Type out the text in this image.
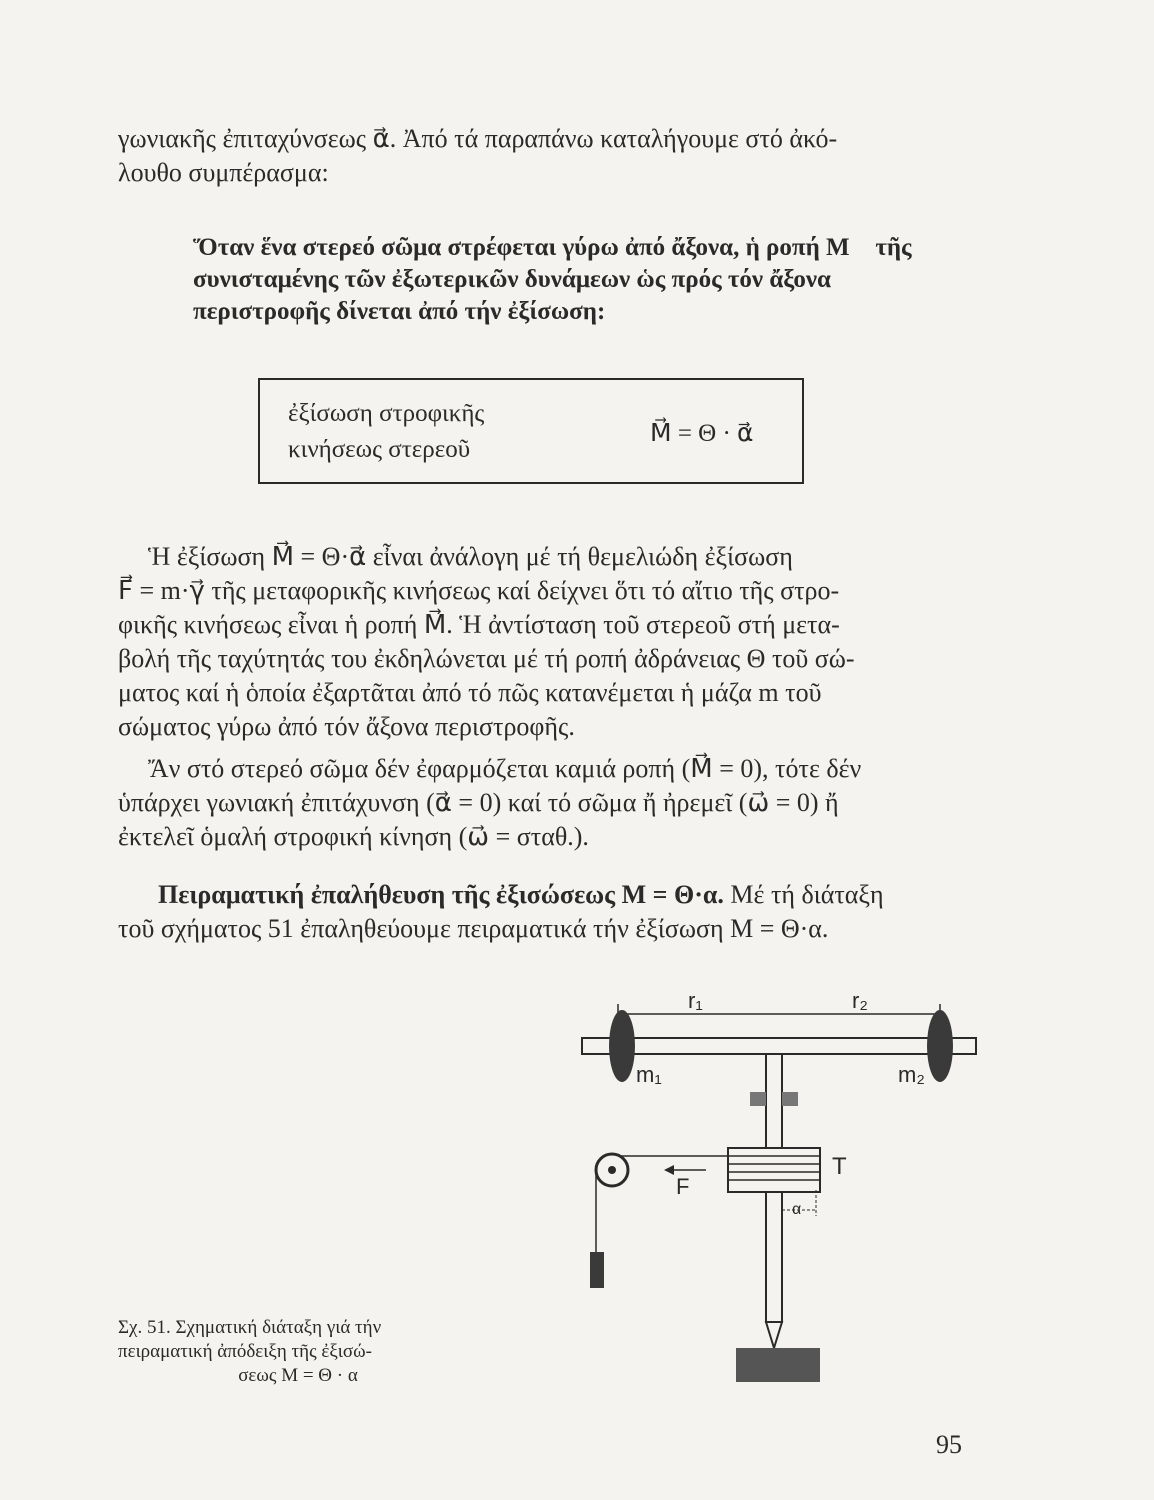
γωνιακῆς ἐπιταχύνσεως α⃗. Ἀπό τά παραπάνω καταλήγουμε στό ἀκό-
λουθο συμπέρασμα:
Ὅταν ἕνα στερεό σῶμα στρέφεται γύρω ἀπό ἄξονα, ἡ ροπή M⃗ τῆς
συνισταμένης τῶν ἐξωτερικῶν δυνάμεων ὡς πρός τόν ἄξονα
περιστροφῆς δίνεται ἀπό τήν ἐξίσωση:
ἐξίσωση στροφικῆς
κινήσεως στερεοῦ
M⃗ = Θ · α⃗
Ἡ ἐξίσωση M⃗ = Θ·α⃗ εἶναι ἀνάλογη μέ τή θεμελιώδη ἐξίσωση
F⃗ = m·γ⃗ τῆς μεταφορικῆς κινήσεως καί δείχνει ὅτι τό αἴτιο τῆς στρο-
φικῆς κινήσεως εἶναι ἡ ροπή M⃗. Ἡ ἀντίσταση τοῦ στερεοῦ στή μετα-
βολή τῆς ταχύτητάς του ἐκδηλώνεται μέ τή ροπή ἀδράνειας Θ τοῦ σώ-
ματος καί ἡ ὁποία ἐξαρτᾶται ἀπό τό πῶς κατανέμεται ἡ μάζα m τοῦ
σώματος γύρω ἀπό τόν ἄξονα περιστροφῆς.
Ἄν στό στερεό σῶμα δέν ἐφαρμόζεται καμιά ροπή (M⃗ = 0), τότε δέν
ὑπάρχει γωνιακή ἐπιτάχυνση (α⃗ = 0) καί τό σῶμα ἤ ἠρεμεῖ (ω⃗ = 0) ἤ
ἐκτελεῖ ὁμαλή στροφική κίνηση (ω⃗ = σταθ.).
Πειραματική ἐπαλήθευση τῆς ἐξισώσεως M = Θ·α. Μέ τή διάταξη
τοῦ σχήματος 51 ἐπαληθεύουμε πειραματικά τήν ἐξίσωση M = Θ·α.
r₁	r₂
m₁	m₂
T
F
α
Σχ. 51. Σχηματική διάταξη γιά τήν
πειραματική ἀπόδειξη τῆς ἐξισώ-
σεως M = Θ · α
95
